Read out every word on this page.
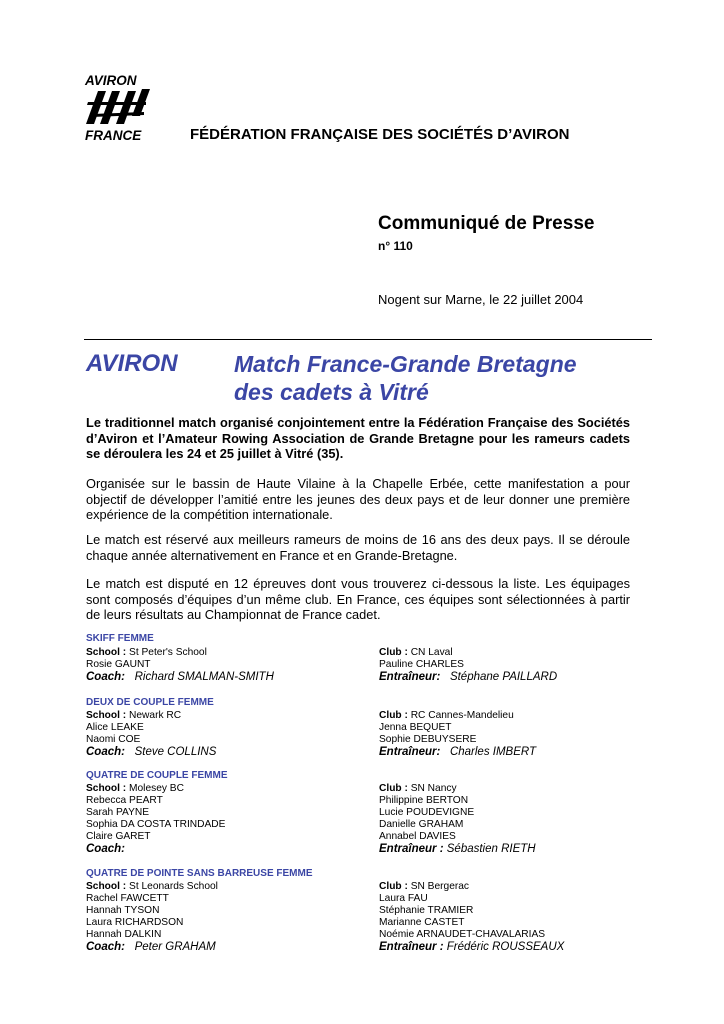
AVIRON
FRANCE	FÉDÉRATION FRANÇAISE DES SOCIÉTÉS D’AVIRON
Communiqué de Presse
n° 110
Nogent sur Marne, le 22 juillet 2004
AVIRON Match France-Grande Bretagne
des cadets à Vitré
Le traditionnel match organisé conjointement entre la Fédération Française des Sociétés d’Aviron et l’Amateur Rowing Association de Grande Bretagne pour les rameurs cadets se déroulera les 24 et 25 juillet à Vitré (35).
Organisée sur le bassin de Haute Vilaine à la Chapelle Erbée, cette manifestation a pour objectif de développer l’amitié entre les jeunes des deux pays et de leur donner une première expérience de la compétition internationale.
Le match est réservé aux meilleurs rameurs de moins de 16 ans des deux pays. Il se déroule chaque année alternativement en France et en Grande-Bretagne.
Le match est disputé en 12 épreuves dont vous trouverez ci-dessous la liste. Les équipages sont composés d’équipes d’un même club. En France, ces équipes sont sélectionnées à partir de leurs résultats au Championnat de France cadet.
SKIFF FEMME
School : St Peter's School
Rosie GAUNT
Coach: Richard SMALMAN-SMITH
Club : CN Laval
Pauline CHARLES
Entraîneur: Stéphane PAILLARD
DEUX DE COUPLE FEMME
School : Newark RC
Alice LEAKE
Naomi COE
Coach: Steve COLLINS
Club : RC Cannes-Mandelieu
Jenna BEQUET
Sophie DEBUYSERE
Entraîneur: Charles IMBERT
QUATRE DE COUPLE FEMME
School : Molesey BC
Rebecca PEART
Sarah PAYNE
Sophia DA COSTA TRINDADE
Claire GARET
Coach:
Club : SN Nancy
Philippine BERTON
Lucie POUDEVIGNE
Danielle GRAHAM
Annabel DAVIES
Entraîneur : Sébastien RIETH
QUATRE DE POINTE SANS BARREUSE FEMME
School : St Leonards School
Rachel FAWCETT
Hannah TYSON
Laura RICHARDSON
Hannah DALKIN
Coach: Peter GRAHAM
Club : SN Bergerac
Laura FAU
Stéphanie TRAMIER
Marianne CASTET
Noémie ARNAUDET-CHAVALARIAS
Entraîneur : Frédéric ROUSSEAUX
